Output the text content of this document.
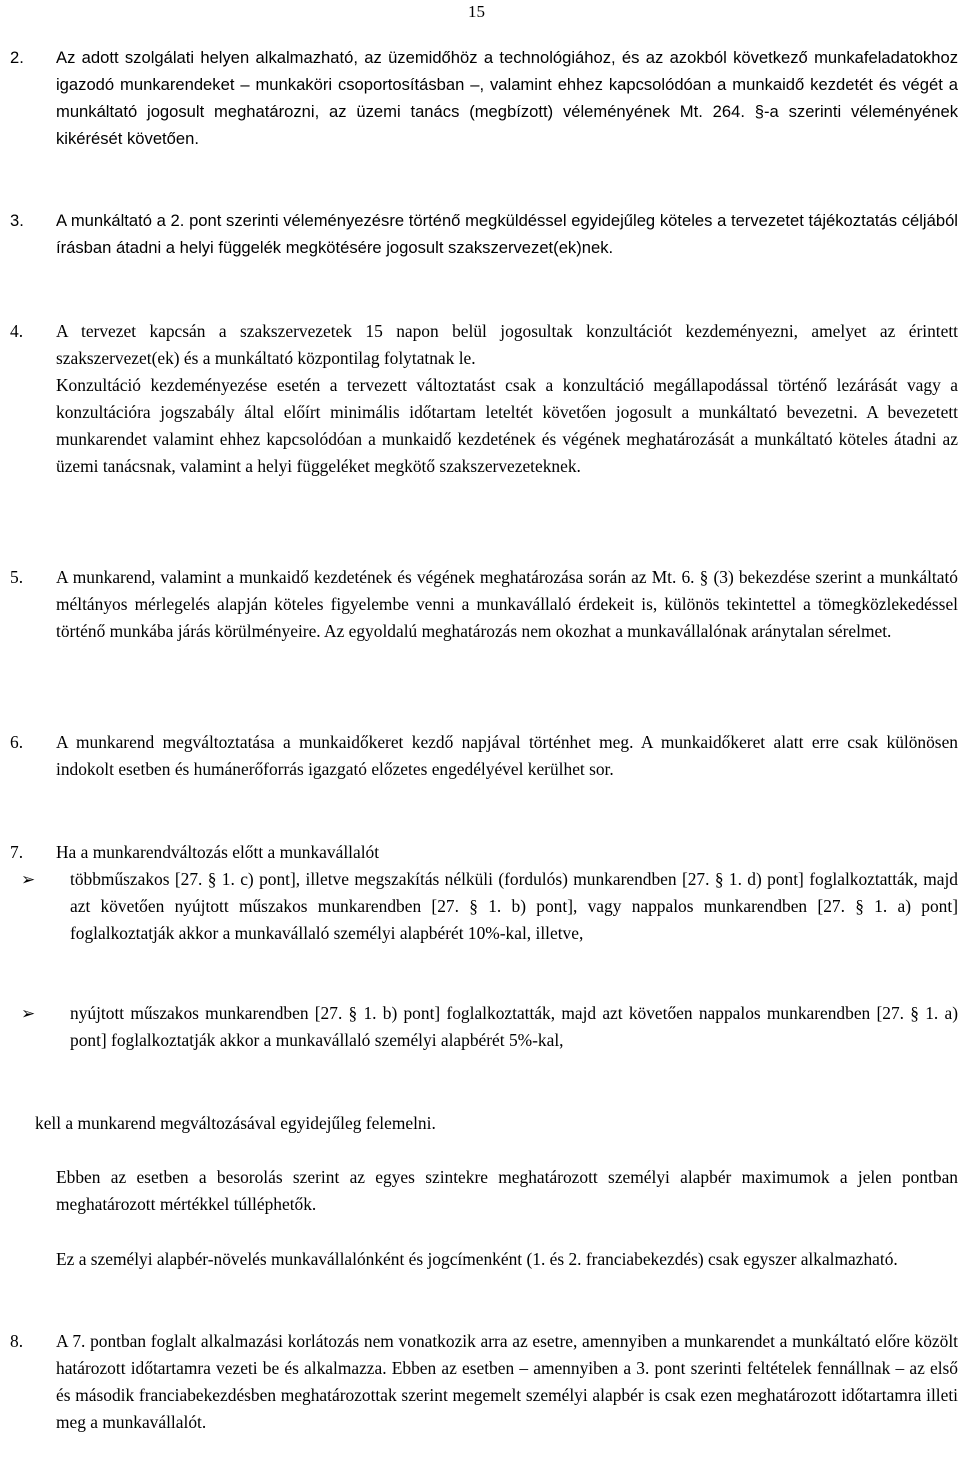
15
2. Az adott szolgálati helyen alkalmazható, az üzemidőhöz a technológiához, és az azokból következő munkafeladatokhoz igazodó munkarendeket – munkaköri csoportosításban –, valamint ehhez kapcsolódóan a munkaidő kezdetét és végét a munkáltató jogosult meghatározni, az üzemi tanács (megbízott) véleményének Mt. 264. §-a szerinti véleményének kikérését követően.

3. A munkáltató a 2. pont szerinti véleményezésre történő megküldéssel egyidejűleg köteles a tervezetet tájékoztatás céljából írásban átadni a helyi függelék megkötésére jogosult szakszervezet(ek)nek.

4. A tervezet kapcsán a szakszervezetek 15 napon belül jogosultak konzultációt kezdeményezni, amelyet az érintett szakszervezet(ek) és a munkáltató központilag folytatnak le.

Konzultáció kezdeményezése esetén a tervezett változtatást csak a konzultáció megállapodással történő lezárását vagy a konzultációra jogszabály által előírt minimális időtartam leteltét követően jogosult a munkáltató bevezetni. A bevezetett munkarendet valamint ehhez kapcsolódóan a munkaidő kezdetének és végének meghatározását a munkáltató köteles átadni az üzemi tanácsnak, valamint a helyi függeléket megkötő szakszervezeteknek.

5. A munkarend, valamint a munkaidő kezdetének és végének meghatározása során az Mt. 6. § (3) bekezdése szerint a munkáltató méltányos mérlegelés alapján köteles figyelembe venni a munkavállaló érdekeit is, különös tekintettel a tömegközlekedéssel történő munkába járás körülményeire. Az egyoldalú meghatározás nem okozhat a munkavállalónak aránytalan sérelmet.

6. A munkarend megváltoztatása a munkaidőkeret kezdő napjával történhet meg. A munkaidőkeret alatt erre csak különösen indokolt esetben és humánerőforrás igazgató előzetes engedélyével kerülhet sor.

7. Ha a munkarendváltozás előtt a munkavállalót

➢ többműszakos [27. § 1. c) pont], illetve megszakítás nélküli (fordulós) munkarendben [27. § 1. d) pont] foglalkoztatták, majd azt követően nyújtott műszakos munkarendben [27. § 1. b) pont], vagy nappalos munkarendben [27. § 1. a) pont] foglalkoztatják akkor a munkavállaló személyi alapbérét 10%-kal, illetve,

➢ nyújtott műszakos munkarendben [27. § 1. b) pont] foglalkoztatták, majd azt követően nappalos munkarendben [27. § 1. a) pont] foglalkoztatják akkor a munkavállaló személyi alapbérét 5%-kal,

kell a munkarend megváltozásával egyidejűleg felemelni.

Ebben az esetben a besorolás szerint az egyes szintekre meghatározott személyi alapbér maximumok a jelen pontban meghatározott mértékkel túlléphetők.

Ez a személyi alapbér-növelés munkavállalónként és jogcímenként (1. és 2. franciabekezdés) csak egyszer alkalmazható.

8. A 7. pontban foglalt alkalmazási korlátozás nem vonatkozik arra az esetre, amennyiben a munkarendet a munkáltató előre közölt határozott időtartamra vezeti be és alkalmazza. Ebben az esetben – amennyiben a 3. pont szerinti feltételek fennállnak – az első és második franciabekezdésben meghatározottak szerint megemelt személyi alapbér is csak ezen meghatározott időtartamra illeti meg a munkavállalót.
